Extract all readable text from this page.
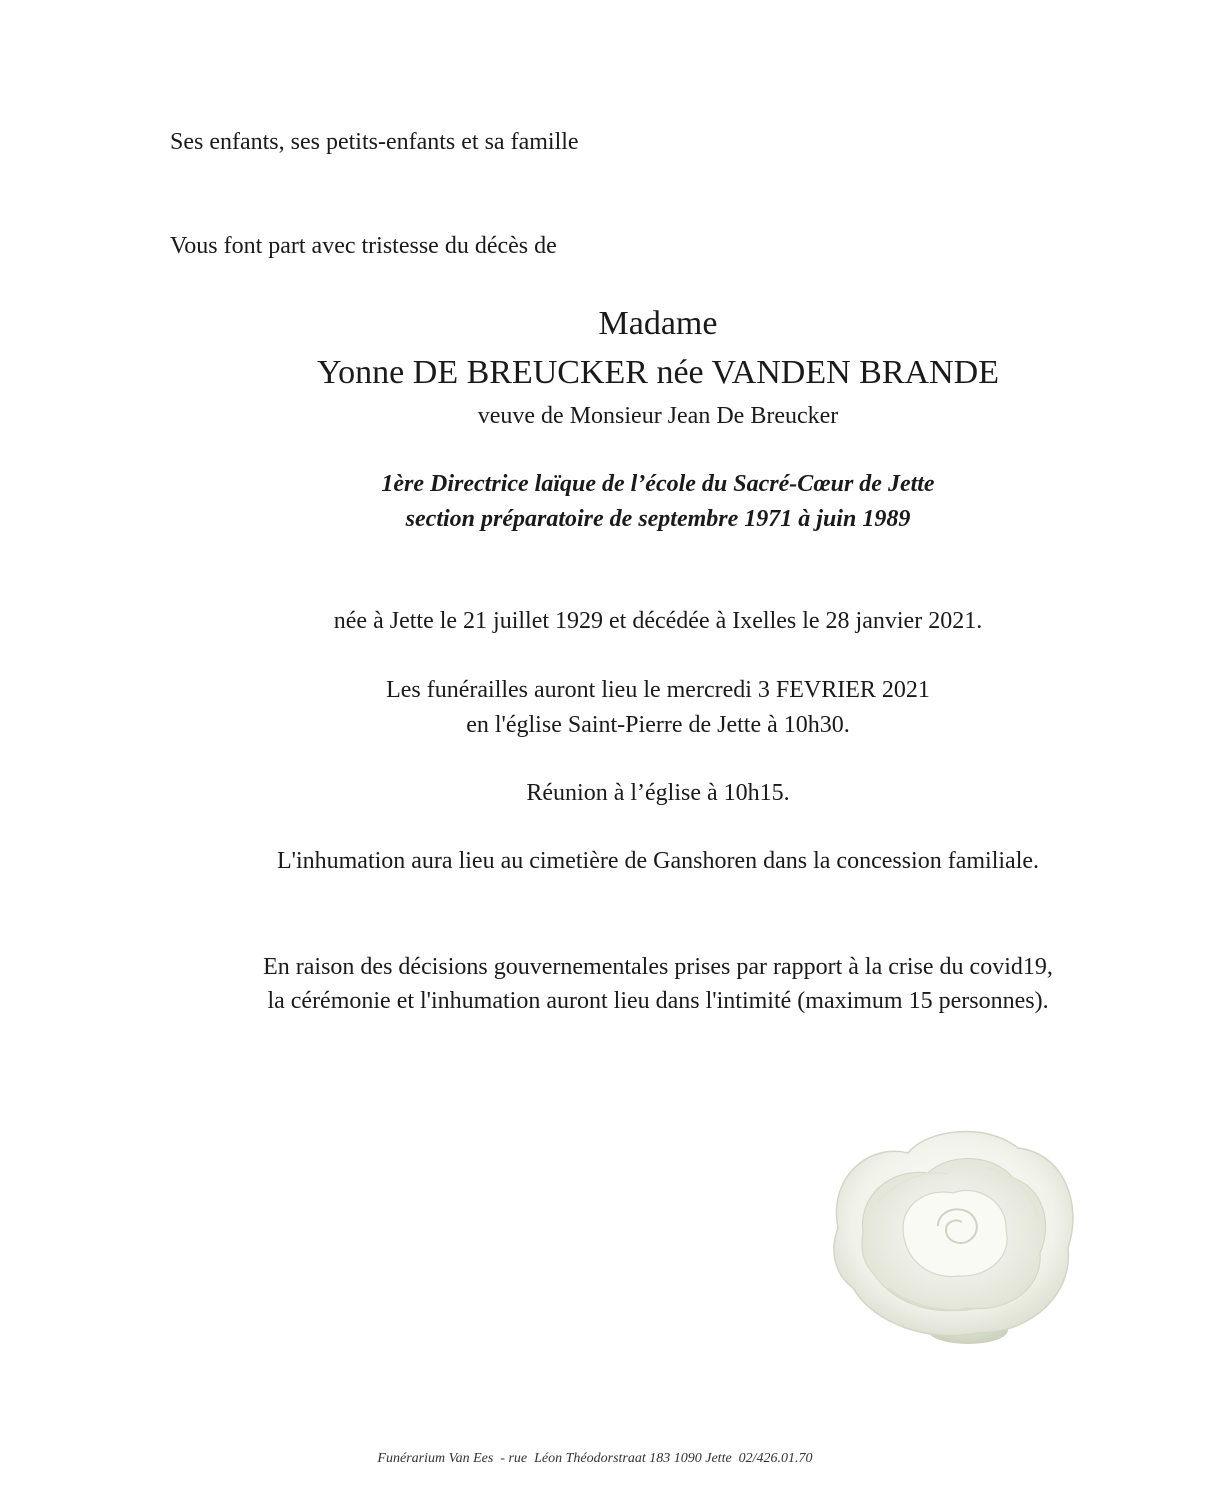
Ses enfants, ses petits-enfants et sa famille
Vous font part avec tristesse du décès de
Madame
Yonne DE BREUCKER née VANDEN BRANDE
veuve de Monsieur Jean De Breucker
1ère Directrice laïque de l’école du Sacré-Cœur de Jette
section préparatoire de septembre 1971 à juin 1989
née à Jette le 21 juillet 1929 et décédée à Ixelles le 28 janvier 2021.
Les funérailles auront lieu le mercredi 3 FEVRIER 2021
en l'église Saint-Pierre de Jette à 10h30.
Réunion à l’église à 10h15.
L'inhumation aura lieu au cimetière de Ganshoren dans la concession familiale.
En raison des décisions gouvernementales prises par rapport à la crise du covid19,
la cérémonie et l'inhumation auront lieu dans l'intimité (maximum 15 personnes).
Funérarium Van Ees  - rue  Léon Théodorstraat 183 1090 Jette  02/426.01.70
